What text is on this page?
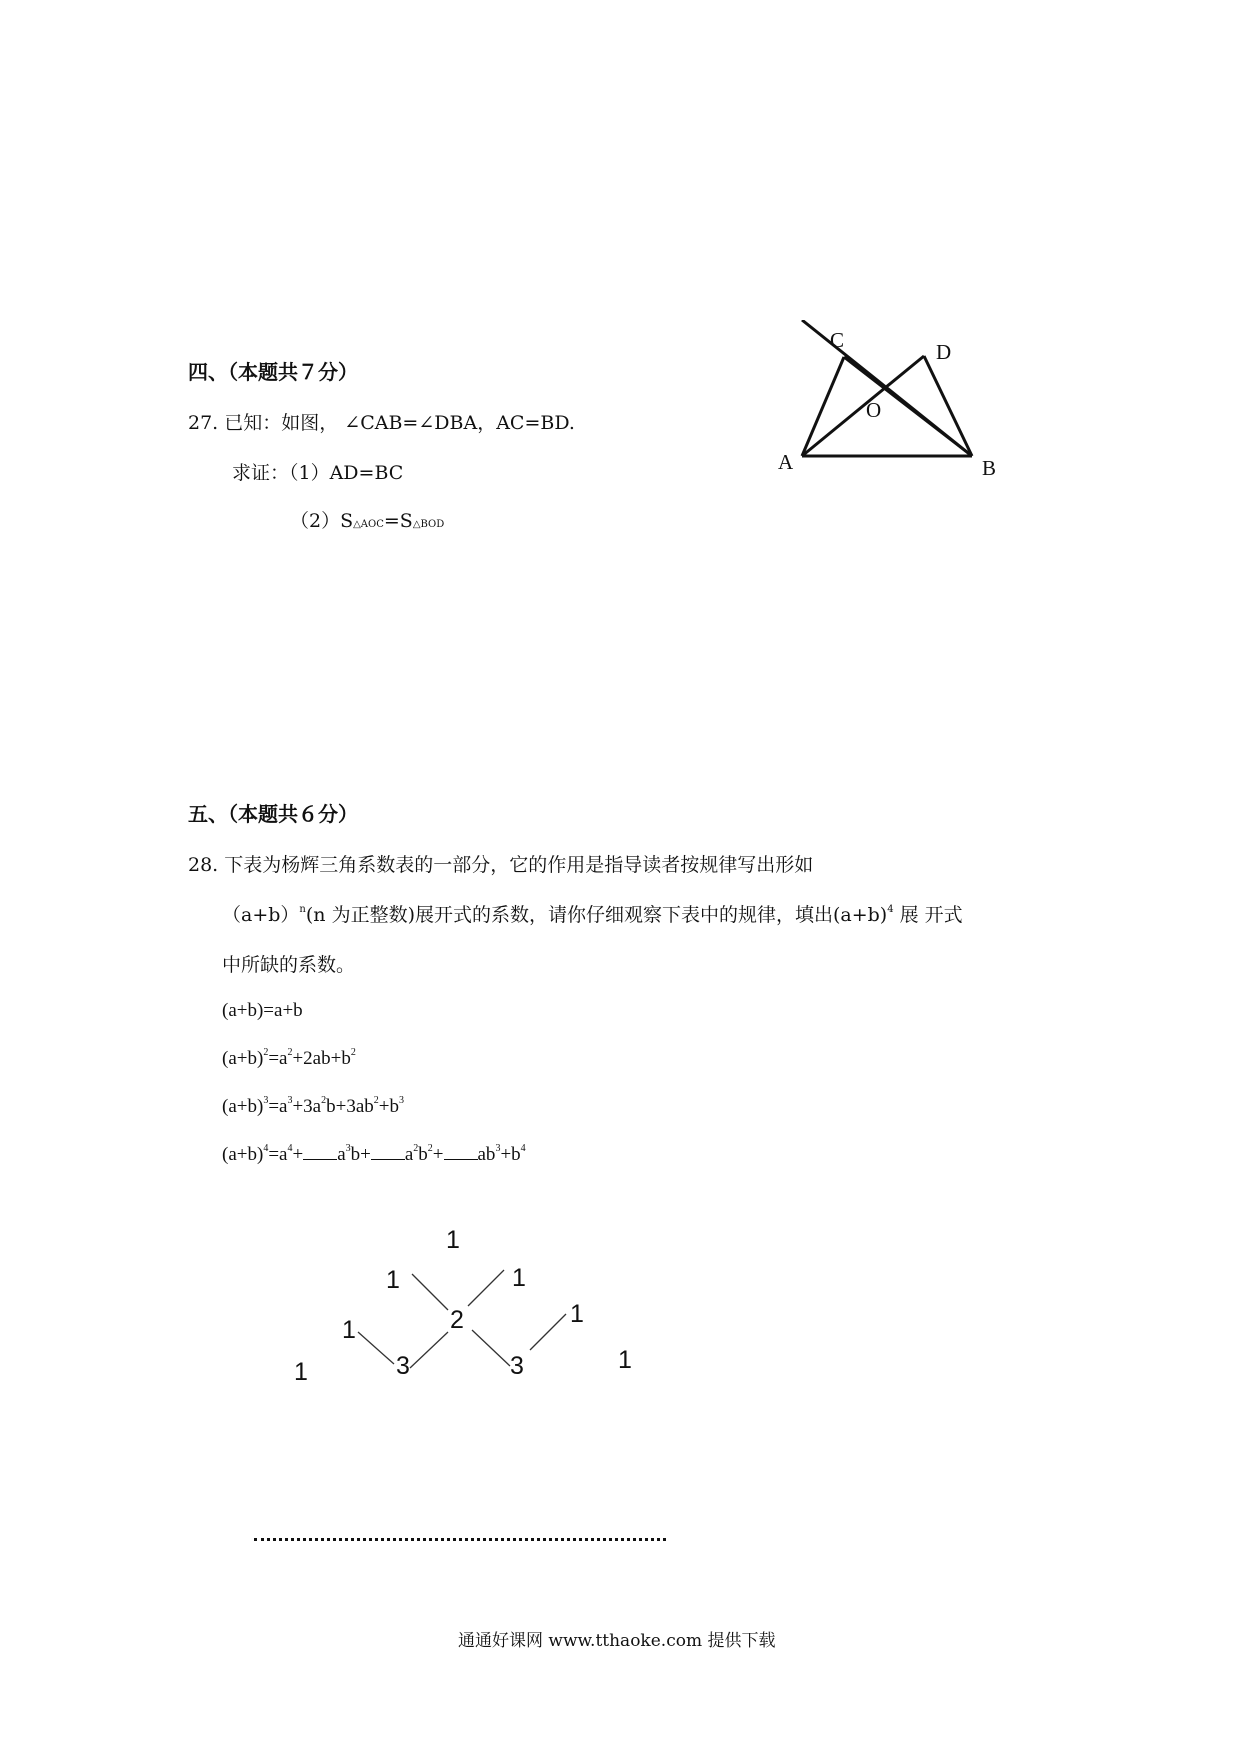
四、（本题共７分）
27. 已知：如图， ∠CAB=∠DBA，AC=BD.
求证：（1）AD=BC
（2）S△AOC=S△BOD
C	D
O
A	B
五、（本题共６分）
28. 下表为杨辉三角系数表的一部分，它的作用是指导读者按规律写出形如
$(a+b)^n(n$ 为正整数)展开式的系数，请你仔细观察下表中的规律，填出$(a+b)^4$ 展 开式
中所缺的系数。
(a+b)=a+b
$(a+b)^2=a^2+2ab+b^2$
$(a+b)^3=a^3+3a^2b+3ab^2+b^3$
$(a+b)^4=a^4+ a^3b+ a^2b^2+ ab^3+b^4$
1
1	1
1	2	1
1	3	3	1
通通好课网 www.tthaoke.com 提供下载
